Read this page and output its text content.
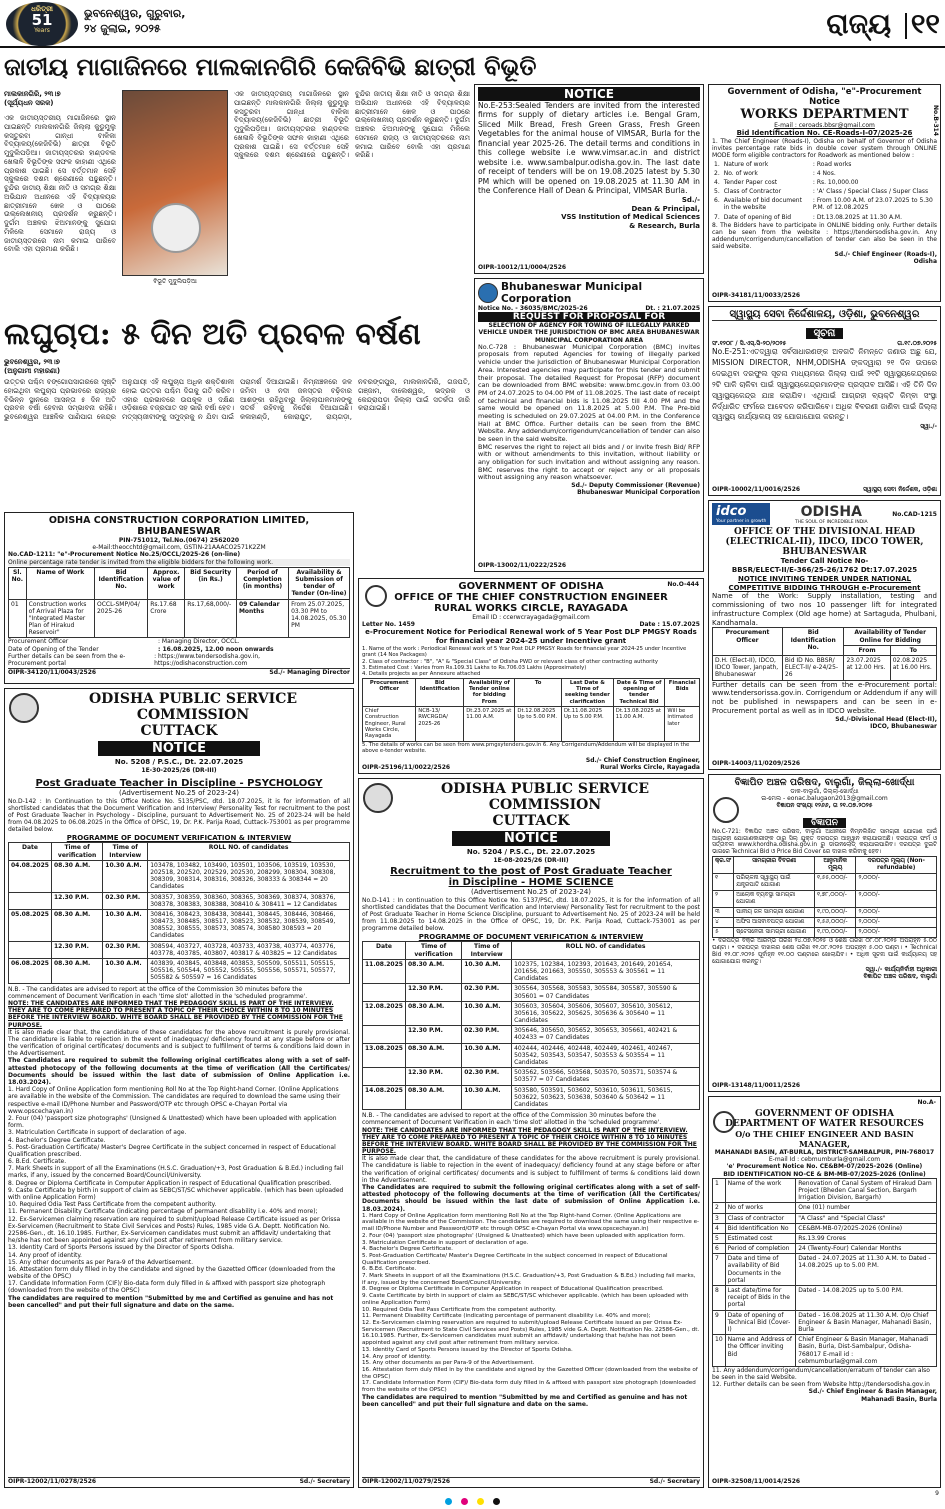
ଧରିତ୍ରୀ
51
Years
ଭୁବନେଶ୍ୱର, ଗୁରୁବାର,
୨୪ ଜୁଲାଇ, ୨୦୨୫	ରାଜ୍ୟ ୧୧
ଜାତୀୟ ମାଗାଜିନରେ ମାଲକାନଗିରି କେଜିବିଭି ଛାତ୍ରୀ ବିଭୂତି
ମାଲକାନଗିରି, ୨୩।୭
(ସୂର୍ଯ୍ୟଧନ ସରକ)
ଏକ ଜାତୀୟସ୍ତରୀୟ ମାଗାଜିନରେ ସ୍ଥାନ ପାଇଛନ୍ତି ମାଲକାନଗିରି ଜିଲ୍ଲା କୁଡୁମୁଲୁ କସ୍ତୁରବା ଗାନ୍ଧୀ ବାଳିକା ବିଦ୍ୟାଳୟ(କେଜିବିଭି) ଛାତ୍ରୀ ବିଭୂତି ମୁଦୁଲିପଡ଼ିଆ। ଜାତୀୟସ୍ତରର ହାଣ୍ଡବଲ ଖେଳାଳି ବିଭୂତିଙ୍କ ସଫଳ କାହାଣୀ ଏଥିରେ ପ୍ରକାଶ ପାଇଛି। ସେ ବର୍ତ୍ତମାନ ସେହି ସ୍କୁଲରେ ଦଶମ ଶ୍ରେଣୀରେ ପଢୁଛନ୍ତି। ବୁନ୍ଦିର ଜାତୀୟ ଶିକ୍ଷା ନୀତି ଓ ସମଗ୍ର ଶିକ୍ଷା ଅଭିଯାନ ଅଧୀନରେ ଏହି ବିଦ୍ୟାଳୟର ଛାତ୍ରୀମାନେ ଖେଳ ଓ ପାଠରେ ଉଲ୍ଲେଖନୀୟ ପ୍ରଦର୍ଶନ କରୁଛନ୍ତି। ଦୁର୍ଗମ ଅଞ୍ଚଳର ଝିଅମାନଙ୍କୁ ସୁଯୋଗ ମିଳିଲେ ସେମାନେ ରାଜ୍ୟ ଓ ଜାତୀୟସ୍ତରରେ ନାମ କମାଇ ପାରିବେ ବୋଲି ଏହା ପ୍ରମାଣ କରିଛି।
ବିଭୂତି ମୁଦୁଲିପଡ଼ିଆ
ଏକ ଜାତୀୟସ୍ତରୀୟ ମାଗାଜିନରେ ସ୍ଥାନ ପାଇଛନ୍ତି ମାଲକାନଗିରି ଜିଲ୍ଲା କୁଡୁମୁଲୁ କସ୍ତୁରବା ଗାନ୍ଧୀ ବାଳିକା ବିଦ୍ୟାଳୟ(କେଜିବିଭି) ଛାତ୍ରୀ ବିଭୂତି ମୁଦୁଲିପଡ଼ିଆ। ଜାତୀୟସ୍ତରର ହାଣ୍ଡବଲ ଖେଳାଳି ବିଭୂତିଙ୍କ ସଫଳ କାହାଣୀ ଏଥିରେ ପ୍ରକାଶ ପାଇଛି। ସେ ବର୍ତ୍ତମାନ ସେହି ସ୍କୁଲରେ ଦଶମ ଶ୍ରେଣୀରେ ପଢୁଛନ୍ତି। ବୁନ୍ଦିର ଜାତୀୟ ଶିକ୍ଷା ନୀତି ଓ ସମଗ୍ର ଶିକ୍ଷା ଅଭିଯାନ ଅଧୀନରେ ଏହି ବିଦ୍ୟାଳୟର ଛାତ୍ରୀମାନେ ଖେଳ ଓ ପାଠରେ ଉଲ୍ଲେଖନୀୟ ପ୍ରଦର୍ଶନ କରୁଛନ୍ତି। ଦୁର୍ଗମ ଅଞ୍ଚଳର ଝିଅମାନଙ୍କୁ ସୁଯୋଗ ମିଳିଲେ ସେମାନେ ରାଜ୍ୟ ଓ ଜାତୀୟସ୍ତରରେ ନାମ କମାଇ ପାରିବେ ବୋଲି ଏହା ପ୍ରମାଣ କରିଛି।
ଲଘୁଚାପ: ୫ ଦିନ ଅତି ପ୍ରବଳ ବର୍ଷଣ
ଭୁବନେଶ୍ୱର, ୨୩।୭
(ଅନୁଗାମୀ ମହାରଣା)
ଉତ୍ତର ପଶ୍ଚିମ ବଙ୍ଗୋପସାଗରରେ ସୃଷ୍ଟି ହୋଇଥିବା ଲଘୁଚାପ ପ୍ରଭାବରେ ରାଜ୍ୟର ବିଭିନ୍ନ ସ୍ଥାନରେ ଆସନ୍ତା ୫ ଦିନ ଅତି ପ୍ରବଳ ବର୍ଷା ହେବାର ସମ୍ଭାବନା ରହିଛି। ଭୁବନେଶ୍ୱର ଆଞ୍ଚଳିକ ପାଣିପାଗ କେନ୍ଦ୍ର ଅନୁଯାୟୀ ଏହି ଲଘୁଚାପ ଅଧିକ ଶକ୍ତିଶାଳୀ ହୋଇ ଉତ୍ତର ପଶ୍ଚିମ ଦିଗକୁ ଗତି କରିବ। ଏହାର ପ୍ରଭାବରେ ଉପକୂଳ ଓ ଦକ୍ଷିଣ ଓଡ଼ିଶାରେ ବଜ୍ରପାତ ସହ ଭାରି ବର୍ଷା ହେବ। ମତ୍ସ୍ୟଜୀବୀଙ୍କୁ ସମୁଦ୍ରକୁ ନ ଯିବା ପାଇଁ ପରାମର୍ଶ ଦିଆଯାଇଛି। ନିମ୍ନାଞ୍ଚଳରେ ଜଳ ଜମିବା ଓ ନଦୀ ଜଳସ୍ତର ବଢ଼ିବାର ଆଶଙ୍କା ରହିଥିବାରୁ ଜିଲ୍ଲାପାଳମାନଙ୍କୁ ସତର୍କ ରହିବାକୁ ନିର୍ଦ୍ଦେଶ ଦିଆଯାଇଛି। କଳାହାଣ୍ଡି, କୋରାପୁଟ, ରାୟଗଡ଼ା, ନବରଙ୍ଗପୁର, ମାଲକାନଗିରି, ଗଜପତି, ଗଞ୍ଜାମ, ବାଲେଶ୍ୱର, ଭଦ୍ରକ ଓ କେନ୍ଦ୍ରାପଡ଼ା ଜିଲ୍ଲା ପାଇଁ ସତର୍କତା ଜାରି କରାଯାଇଛି।
ODISHA CONSTRUCTION CORPORATION LIMITED, BHUBANESWAR
PIN-751012, Tel.No.(0674) 2562020
e-Mail:theocchtd@gmail.com, GSTIN-21AAACO2571K2ZM
No.CAD-1211: "e"-Procurement Notice No.25/OCCL/2025-26 (on-line)
Online percentage rate tender is invited from the eligible bidders for the following work.
Sl. No.	Name of Work	Bid Identification No.	Approx. value of work	Bid Security (in Rs.)	Period of Completion (in months)	Availability & Submission of tender of Tender (On-line)
01	Construction works of Arrival Plaza for "Integrated Master Plan of Hirakud Reservoir"	OCCL-SMP/04/ 2025-26	Rs.17.68 Crore	Rs.17,68,000/-	09 Calendar Months	From 25.07.2025, 03.30 PM to 14.08.2025, 05.30 PM
Procurement Officer	: Managing Director, OCCL.
Date of Opening of the Tender	: 16.08.2025, 12.00 noon onwards
Further details can be seen from the e-Procurement portal
: https://www.tendersodisha.gov.in, https://odishaconstruction.com
OIPR-34120/11/0043/2526	Sd./- Managing Director
ODISHA PUBLIC SERVICE COMMISSION
CUTTACK
NOTICE
No. 5208 / P.S.C., Dt. 22.07.2025
1E-30-2025/26 (DR-III)
Post Graduate Teacher in Discipline - PSYCHOLOGY
(Advertisement No.25 of 2023-24)
No.D-142 : In Continuation to this Office Notice No. 5135/PSC, dtd. 18.07.2025, it is for information of all shortlisted candidates that the Document Verification and Interview/ Personality Test for recruitment to the post of Post Graduate Teacher in Psychology - Discipline, pursuant to Advertisement No. 25 of 2023-24 will be held from 04.08.2025 to 06.08.2025 in the Office of OPSC, 19, Dr. P.K. Parija Road, Cuttack-753001 as per programme detailed below.
PROGRAMME OF DOCUMENT VERIFICATION & INTERVIEW
Date	Time of verification	Time of Interview	ROLL NO. of candidates
04.08.2025	08.30 A.M.	10.30 A.M.	103478, 103482, 103490, 103501, 103506, 103519, 103530, 202518, 202520, 202529, 202530, 208299, 308304, 308308, 308309, 308314, 308316, 308326, 308333 & 308344 = 20 Candidates
	12.30 P.M.	02.30 P.M.	308357, 308359, 308360, 308365, 308369, 308374, 308376, 308378, 308383, 308388, 308410 & 308411 = 12 Candidates
05.08.2025	08.30 A.M.	10.30 A.M.	308416, 308423, 308438, 308441, 308445, 308446, 308466, 308473, 308485, 308517, 308523, 308532, 308539, 308549, 308552, 308555, 308573, 308574, 308580 308593 = 20 Candidates
	12.30 P.M.	02.30 P.M.	308594, 403727, 403728, 403733, 403738, 403774, 403776, 403778, 403785, 403807, 403817 & 403825 = 12 Candidates
06.08.2025	08.30 A.M.	10.30 A.M.	403839, 403845, 403848, 403853, 505509, 505511, 505515, 505516, 505544, 505552, 505555, 505556, 505571, 505577, 505582 & 505597 = 16 Candidates
N.B. - The candidates are advised to report at the office of the Commission 30 minutes before the commencement of Document Verification in each 'time slot' allotted in the 'scheduled programme'.
NOTE: THE CANDIDATES ARE INFORMED THAT THE PEDAGOGY SKILL IS PART OF THE INTERVIEW. THEY ARE TO COME PREPARED TO PRESENT A TOPIC OF THEIR CHOICE WITHIN 8 TO 10 MINUTES BEFORE THE INTERVIEW BOARD. WHITE BOARD SHALL BE PROVIDED BY THE COMMISSION FOR THE PURPOSE.
It is also made clear that, the candidature of these candidates for the above recruitment is purely provisional. The candidature is liable to rejection in the event of inadequacy/ deficiency found at any stage before or after the verification of original certificates/ documents and is subject to fulfillment of terms & conditions laid down in the Advertisement.
The Candidates are required to submit the following original certificates along with a set of self-attested photocopy of the following documents at the time of verification (All the Certificates/ Documents should be issued within the last date of submission of Online Application i.e. 18.03.2024).
1. Hard Copy of Online Application form mentioning Roll No at the Top Right-hand Corner. (Online Applications are available in the website of the Commission. The candidates are required to download the same using their respective e-mail ID/Phone Number and Password/OTP etc through OPSC e-Chayan Portal via www.opscechayan.in)
2. Four (04) 'passport size photographs' (Unsigned & Unattested) which have been uploaded with application form.
3. Matriculation Certificate in support of declaration of age.
4. Bachelor's Degree Certificate.
5. Post-Graduation Certificate/ Master's Degree Certificate in the subject concerned in respect of Educational Qualification prescribed.
6. B.Ed. Certificate.
7. Mark Sheets in support of all the Examinations (H.S.C. Graduation/+3, Post Graduation & B.Ed.) including fail marks, if any, issued by the concerned Board/Council/University.
8. Degree or Diploma Certificate in Computer Application in respect of Educational Qualification prescribed.
9. Caste Certificate by birth in support of claim as SEBC/ST/SC whichever applicable. (which has been uploaded with online Application Form)
10. Required Odia Test Pass Certificate from the competent authority.
11. Permanent Disability Certificate (indicating percentage of permanent disability i.e. 40% and more);
12. Ex-Servicemen claiming reservation are required to submit/upload Release Certificate issued as per Orissa Ex-Servicemen (Recruitment to State Civil Services and Posts) Rules, 1985 vide G.A. Deptt. Notification No. 22586-Gen., dt. 16.10.1985. Further, Ex-Servicemen candidates must submit an affidavit/ undertaking that he/she has not been appointed against any civil post after retirement from military service.
13. Identity Card of Sports Persons issued by the Director of Sports Odisha.
14. Any proof of identity.
15. Any other documents as per Para-9 of the Advertisement.
16. Attestation form duly filled in by the candidate and signed by the Gazetted Officer (downloaded from the website of the OPSC)
17. Candidate Information Form (CIF)/ Bio-data form duly filled in & affixed with passport size photograph (downloaded from the website of the OPSC)
The candidates are required to mention "Submitted by me and Certified as genuine and has not been cancelled" and put their full signature and date on the same.
OIPR-12002/11/0278/2526	Sd./- Secretary
NOTICE
No.E-253:Sealed Tenders are invited from the interested firms for supply of dietary articles i.e. Bengal Gram, Sliced Milk Bread, Fresh Green Grass, Fresh Green Vegetables for the animal house of VIMSAR, Burla for the financial year 2025-26. The detail terms and conditions in this college website i.e www.vimsar.ac.in and district website i.e. www.sambalpur.odisha.gov.in. The last date of receipt of tenders will be on 19.08.2025 latest by 5.30 PM which will be opened on 19.08.2025 at 11.30 AM in the Conference Hall of Dean & Principal, VIMSAR Burla.
Sd./-
Dean & Principal,
VSS Institution of Medical Sciences
& Research, Burla
OIPR-10012/11/0004/2526
Bhubaneswar Municipal Corporation
Notice No. - 36035/BMC/2025-26	Dt. : 21.07.2025
REQUEST FOR PROPOSAL FOR
SELECTION OF AGENCY FOR TOWING OF ILLEGALLY PARKED VEHICLE UNDER THE JURISDICTION OF BMC AREA BHUBANESWAR MUNICIPAL CORPORATION AREA
No.C-728 : Bhubaneswar Municipal Corporation (BMC) invites proposals from reputed Agencies for towing of illegally parked vehicle under the jurisdiction of Bhubaneswar Municipal Corporation Area. Interested agencies may participate for this tender and submit their proposal. The detailed Request for Proposal (RFP) document can be downloaded from BMC website: www.bmc.gov.in from 03.00 PM of 24.07.2025 to 04.00 PM of 11.08.2025. The last date of receipt of technical and financial bids is 11.08.2025 till 4.00 PM and the same would be opened on 11.8.2025 at 5.00 P.M. The Pre-bid meeting is scheduled on 29.07.2025 at 04.00 P.M. in the Conference Hall at BMC Office. Further details can be seen from the BMC Website. Any addendum/corrigendum/cancellation of tender can also be seen in the said website.
BMC reserves the right to reject all bids and / or invite fresh Bid/ RFP with or without amendments to this invitation, without liability or any obligation for such invitation and without assigning any reason. BMC reserves the right to accept or reject any or all proposals without assigning any reason whatsoever.
Sd./- Deputy Commissioner (Revenue)
Bhubaneswar Municipal Corporation
OIPR-13002/11/0222/2526
No.O-444
GOVERNMENT OF ODISHA
OFFICE OF THE CHIEF CONSTRUCTION ENGINEER
RURAL WORKS CIRCLE, RAYAGADA
Email ID : ccerwcrayagada@gmail.com
Letter No. 1459	Date : 15.07.2025
e-Procurement Notice for Periodical Renewal work of 5 Year Post DLP PMGSY Roads for financial year 2024-25 under Incentive grant
1. Name of the work : Periodical Renewal work of 5 Year Post DLP PMGSY Roads for financial year 2024-25 under Incentive grant (14 Nos Packages)
2. Class of contractor : "B", "A" & "Special Class" of Odisha PWD or relevant class of other contracting authority
3. Estimated Cost : Varies from Rs.109.31 Lakhs to Rs.706.03 Lakhs (Approximately)
4. Details projects as per Annexure attached
Procurement Officer	Bid Identification	Availability of Tender online for bidding From	To	Last Date & Time of seeking tender clarification	Date & Time of opening of tender Technical Bid	Financial Bids
Chief Construction Engineer, Rural Works Circle, Rayagada	NCB-13/ RWCRGDA/ 2025-26	Dt.23.07.2025 at 11.00 A.M.	Dt.12.08.2025 Up to 5.00 P.M.	Dt.11.08.2025 Up to 5.00 P.M.	Dt.13.08.2025 at 11.00 A.M.	Will be intimated later
5. The details of works can be seen from www.pmgsytenders.gov.in 6. Any Corrigendum/Addendum will be displayed in the above e-tender website.
OIPR-25196/11/0022/2526
Sd./- Chief Construction Engineer,
Rural Works Circle, Rayagada
ODISHA PUBLIC SERVICE COMMISSION
CUTTACK
NOTICE
No. 5204 / P.S.C., Dt. 22.07.2025
1E-08-2025/26 (DR-III)
Recruitment to the post of Post Graduate Teacher
in Discipline - HOME SCIENCE
(Advertisement No.25 of 2023-24)
No.D-141 : In continuation to this Office Notice No. 5137/PSC, dtd. 18.07.2025, it is for the information of all shortlisted candidates that the Document Verification and Interview/ Personality Test for recruitment to the post of Post Graduate Teacher in Home Science Discipline, pursuant to Advertisement No. 25 of 2023-24 will be held from 11.08.2025 to 14.08.2025 in the Office of OPSC, 19, Dr. P.K. Parija Road, Cuttack-753001 as per programme detailed below.
PROGRAMME OF DOCUMENT VERIFICATION & INTERVIEW
Date	Time of verification	Time of Interview	ROLL NO. of candidates
11.08.2025	08.30 A.M.	10.30 A.M.	102375, 102384, 102393, 201643, 201649, 201654, 201656, 201663, 305550, 305553 & 305561 = 11 Candidates
	12.30 P.M.	02.30 P.M.	305564, 305568, 305583, 305584, 305587, 305590 & 305601 = 07 Candidates
12.08.2025	08.30 A.M.	10.30 A.M.	305603, 305604, 305606, 305607, 305610, 305612, 305616, 305622, 305625, 305636 & 305640 = 11 Candidates
	12.30 P.M.	02.30 P.M.	305646, 305650, 305652, 305653, 305661, 402421 & 402433 = 07 Candidates
13.08.2025	08.30 A.M.	10.30 A.M.	402444, 402446, 402448, 402449, 402461, 402467, 503542, 503543, 503547, 503553 & 503554 = 11 Candidates
	12.30 P.M.	02.30 P.M.	503562, 503566, 503568, 503570, 503571, 503574 & 503577 = 07 Candidates
14.08.2025	08.30 A.M.	10.30 A.M.	503580, 503591, 503602, 503610, 503611, 503615, 503622, 503623, 503638, 503640 & 503642 = 11 Candidates
N.B. - The candidates are advised to report at the office of the Commission 30 minutes before the commencement of Document Verification in each 'time slot' allotted in the 'scheduled programme'.
NOTE: THE CANDIDATES ARE INFORMED THAT THE PEDAGOGY SKILL IS PART OF THE INTERVIEW. THEY ARE TO COME PREPARED TO PRESENT A TOPIC OF THEIR CHOICE WITHIN 8 TO 10 MINUTES BEFORE THE INTERVIEW BOARD. WHITE BOARD SHALL BE PROVIDED BY THE COMMISSION FOR THE PURPOSE.
It is also made clear that, the candidature of these candidates for the above recruitment is purely provisional. The candidature is liable to rejection in the event of inadequacy/ deficiency found at any stage before or after the verification of original certificates/ documents and is subject to fulfillment of terms & conditions laid down in the Advertisement.
The Candidates are required to submit the following original certificates along with a set of self-attested photocopy of the following documents at the time of verification (All the Certificates/ Documents should be issued within the last date of submission of Online Application i.e. 18.03.2024).
1. Hard Copy of Online Application form mentioning Roll No at the Top Right-hand Corner. (Online Applications are available in the website of the Commission. The candidates are required to download the same using their respective e-mail ID/Phone Number and Password/OTP etc through OPSC e-Chayan Portal via www.opscechayan.in)
2. Four (04) 'passport size photographs' (Unsigned & Unattested) which have been uploaded with application form.
3. Matriculation Certificate in support of declaration of age.
4. Bachelor's Degree Certificate.
5. Post-Graduation Certificate/ Master's Degree Certificate in the subject concerned in respect of Educational Qualification prescribed.
6. B.Ed. Certificate.
7. Mark Sheets in support of all the Examinations (H.S.C. Graduation/+3, Post Graduation & B.Ed.) including fail marks, if any, issued by the concerned Board/Council/University.
8. Degree or Diploma Certificate in Computer Application in respect of Educational Qualification prescribed.
9. Caste Certificate by birth in support of claim as SEBC/ST/SC whichever applicable. (which has been uploaded with online Application Form)
10. Required Odia Test Pass Certificate from the competent authority.
11. Permanent Disability Certificate (indicating percentage of permanent disability i.e. 40% and more);
12. Ex-Servicemen claiming reservation are required to submit/upload Release Certificate issued as per Orissa Ex-Servicemen (Recruitment to State Civil Services and Posts) Rules, 1985 vide G.A. Deptt. Notification No. 22586-Gen., dt. 16.10.1985. Further, Ex-Servicemen candidates must submit an affidavit/ undertaking that he/she has not been appointed against any civil post after retirement from military service.
13. Identity Card of Sports Persons issued by the Director of Sports Odisha.
14. Any proof of identity.
15. Any other documents as per Para-9 of the Advertisement.
16. Attestation form duly filled in by the candidate and signed by the Gazetted Officer (downloaded from the website of the OPSC)
17. Candidate Information Form (CIF)/ Bio-data form duly filled in & affixed with passport size photograph (downloaded from the website of the OPSC)
The candidates are required to mention "Submitted by me and Certified as genuine and has not been cancelled" and put their full signature and date on the same.
OIPR-12002/11/0279/2526	Sd./- Secretary
No.B-314
Government of Odisha, "e"-Procurement Notice
WORKS DEPARTMENT
E-mail : ceroads.bbsr@gmail.com
Bid Identification No. CE-Roads-I-07/2025-26
1. The Chief Engineer (Roads-I), Odisha on behalf of Governor of Odisha invites percentage rate bids in double cover system through ONLINE MODE form eligible contractors for Roadwork as mentioned below :
1.	Nature of work	: Road works
2.	No. of work	: 4 Nos.
4.	Tender Paper cost	: Rs. 10,000.00
5.	Class of Contractor	: 'A' Class / Special Class / Super Class
6.	Available of bid document in the website	: From 10.00 A.M. of 23.07.2025 to 5.30 P.M. of 12.08.2025
7.	Date of opening of Bid	: Dt.13.08.2025 at 11.30 A.M.
8. The Bidders have to participate in ONLINE bidding only. Further details can be seen from the website : https://tendersodisha.gov.in. Any addendum/corrigendum/cancellation of tender can also be seen in the said website.
Sd./- Chief Engineer (Roads-I),
Odisha
OIPR-34181/11/0033/2526
ସ୍ୱାସ୍ଥ୍ୟ ସେବା ନିର୍ଦ୍ଦେଶାଳୟ, ଓଡ଼ିଶା, ଭୁବନେଶ୍ୱର
ସୂଚନା
ସଂ.୧୨୦୮ / ସି.ଏସ୍.ସି-୨୦/୨୦୨୫	ତା.୧୯.୦୭.୨୦୨୫
No.E-251:ଏତଦ୍ୱାରା ସର୍ବସାଧାରଣଙ୍କ ଅବଗତି ନିମନ୍ତେ ଜଣାଉ ଅଛୁ ଯେ, MISSION DIRECTOR, NHM,ODISHA ଙ୍କଦ୍ୱାରା ୨୧ ଦିନ ଉପରେ ଦେଇଥିବା ଦରଫୁଲ ସୂଚନା ମାଧ୍ୟମରେ ଜିଲ୍ଲା ପାଇଁ ୨୧ଟି ସ୍ୱାସ୍ଥ୍ୟକେନ୍ଦ୍ରରେ ୨ଟି ପାଳି ଚାଳିବା ପାଇଁ ସ୍ୱାସ୍ଥ୍ୟକେନ୍ଦ୍ରମାନଙ୍କ ପ୍ରସ୍ତାବ ଆସିଛି। ଏହି ତିନି ଦିନ ସ୍ୱାସ୍ଥ୍ୟକେନ୍ଦ୍ର ଯାଞ୍ଚ କରାଯିବ। ଏଥିପାଇଁ ଆଗ୍ରହୀ ବ୍ୟକ୍ତି କିମ୍ବା ସଂସ୍ଥା ନିର୍ଦ୍ଧାରିତ ଫର୍ମରେ ଆବେଦନ କରିପାରିବେ। ଅଧିକ ବିବରଣୀ ଜାଣିବା ପାଇଁ ଜିଲ୍ଲା ସ୍ୱାସ୍ଥ୍ୟ କାର୍ଯ୍ୟାଳୟ ସହ ଯୋଗାଯୋଗ କରନ୍ତୁ।
ସ୍ୱା./-
OIPR-10002/11/0016/2526	ସ୍ୱାସ୍ଥ୍ୟ ସେବା ନିର୍ଦ୍ଦେଶକ, ଓଡ଼ିଶା
idco
Your partner in growth
ODISHA
THE SOUL OF INCREDIBLE INDIA
No.CAD-1215
OFFICE OF THE DIVISIONAL HEAD (ELECTRICAL-II), IDCO, IDCO TOWER, BHUBANESWAR
Tender Call Notice No-
BBSR/ELECT-II/E-366/25-26/1762 Dt:17.07.2025
NOTICE INVITING TENDER UNDER NATIONAL COMPETITIVE BIDDING THROUGH e-Procurement
Name of the Work: Supply installation, testing and commissioning of two nos 10 passenger lift for integrated infrastructure Complex (Old age home) at Sartaguda, Phulbani, Kandhamala.
Procurement Officer	Bid Identification No.	Availability of Tender Online for Bidding	
		From	To
D.H. (Elect-II), IDCO, IDCO Tower, Janpath, Bhubaneswar	Bid ID No. BBSR/ ELECT-II/ e-24/25-26	23.07.2025 at 12.00 Hrs.	02.08.2025 at 16.00 Hrs.
Further details can be seen from the e-Procurement portal: www.tendersorissa.gov.in. Corrigendum or Addendum if any will not be published in newspapers and can be seen in e-Procurement portal as well as in IDCO website.
Sd./-Divisional Head (Elect-II),
IDCO, Bhubaneswar
OIPR-14003/11/0209/2526
ବିଜ୍ଞାପିତ ଅଞ୍ଚଳ ପରିଷଦ, ବାଲୁଗାଁ, ଜିଲ୍ଲା-ଖୋର୍ଦ୍ଧା
ଡାକ-ବାଲୁଗାଁ, ଜିଲ୍ଲା-ଖୋର୍ଦ୍ଧା
ଇ-ମେଲ - eonac.balugaon2013@gmail.com
ବିଜ୍ଞାପନ ସଂଖ୍ୟା ୧୨୬୬, ତା ୨୧.୦୭.୨୦୨୫
ବିଜ୍ଞାପନ
No.C-721: ବିଜ୍ଞାପିତ ଅଞ୍ଚଳ ପରିଷଦ, ବାଲୁଗାଁ ଅଧୀନରେ ନିମ୍ନଲିଖିତ ସାମଗ୍ରୀ ଯୋଗାଣ ପାଇଁ ଆଗ୍ରହୀ ଯୋଗାଣକାରୀଙ୍କ ଠାରୁ ସିଲ୍ ଯୁକ୍ତ ଦରପତ୍ର ଆହ୍ୱାନ କରାଯାଉଅଛି। ଦରପତ୍ର ଫର୍ମ ଓ ସର୍ତ୍ତାବଳୀ www.khordha.odisha.gov.in ରୁ ଡାଉନଲୋଡ୍ କରାଯାଇପାରିବ। ଦରପତ୍ର ଦୁଇଟି ଭାଗରେ Technical Bid ଓ Price Bid Cover ରେ ଦାଖଲ କରିବାକୁ ହେବ।
କ୍ର.ସଂ	ସାମଗ୍ରୀର ବିବରଣୀ	ଆନୁମାନିକ ମୂଲ୍ୟ	ଦରପତ୍ର ମୂଲ୍ୟ (Non-refundable)
୧	ପରିଚାଳନା ସ୍ୱାସ୍ଥ୍ୟ ପାଇଁ ଯନ୍ତ୍ରପାତି ଯୋଗାଣ	୧,୫୫,୦୦୦/-	୨,୦୦୦/-
୨	ଆଲୋକ ବ୍ୟବସ୍ଥା ସାମଗ୍ରୀ ଯୋଗାଣ	୧,୭୮,୦୦୦/-	୨,୦୦୦/-
୩	ପାନୀୟ ଜଳ ସାମଗ୍ରୀ ଯୋଗାଣ	୧,୯୦,୦୦୦/-	୨,୦୦୦/-
୪	ଅଫିସ ଆସବାବପତ୍ର ଯୋଗାଣ	୧,୫୬,୦୦୦/-	୨,୦୦୦/-
୫	ଷ୍ଟେସନେରୀ ସାମଗ୍ରୀ ଯୋଗାଣ	୧,୯୦,୦୦୦/-	୨,୦୦୦/-
• ଦରପତ୍ର ବିକ୍ରି ଆରମ୍ଭ ତାରିଖ ୨୪.୦୭.୨୦୨୫ ଓ ଶେଷ ତାରିଖ ୦୮.୦୮.୨୦୨୫ ଅପରାହ୍ନ ୫.୦୦ ଘଣ୍ଟା। • ଦରପତ୍ର ଦାଖଲର ଶେଷ ତାରିଖ ୧୧.୦୮.୨୦୨୫ ଅପରାହ୍ନ ୫.୦୦ ଘଣ୍ଟା। • Technical Bid ୧୨.୦୮.୨୦୨୫ ପୂର୍ବାହ୍ନ ୧୧.୦୦ ଘଣ୍ଟାରେ ଖୋଲାଯିବ। • ଅଧିକ ସୂଚନା ପାଇଁ କାର୍ଯ୍ୟାଳୟ ସହ ଯୋଗାଯୋଗ କରନ୍ତୁ।
ସ୍ୱା./- କାର୍ଯ୍ୟନିର୍ବାହୀ ଅଧିକାରୀ
ବିଜ୍ଞାପିତ ଅଞ୍ଚଳ ପରିଷଦ, ବାଲୁଗାଁ
OIPR-13148/11/0011/2526
No.A-
GOVERNMENT OF ODISHA
DEPARTMENT OF WATER RESOURCES
O/o THE CHIEF ENGINEER AND BASIN MANAGER,
MAHANADI BASIN, AT-BURLA, DISTRICT-SAMBALPUR, PIN-768017
E-mail Id : cebmumburla@gmail.com
'e' Procurement Notice No. CE&BM-07/2025-2026 (Online)
BID IDENTIFICATION NO-CE & BM-MB-07/2025-2026 (Online)
1	Name of the work	Renovation of Canal System of Hirakud Dam Project (Bheden Canal Section, Bargarh Irrigation Division, Bargarh)
2	No of works	One (01) number
3	Class of contractor	"A Class" and "Special Class"
4	Bid Identification No	CE&BM-MB-07/2025-2026 (Online)
5	Estimated cost	Rs.13.99 Crores
6	Period of completion	24 (Twenty-Four) Calendar Months
7	Date and time of availability of Bid Documents in the portal	Dated - 24.07.2025 at 11.30 A.M. to Dated - 14.08.2025 up to 5.00 P.M.
8	Last date/time for receipt of Bids in the portal	Dated - 14.08.2025 up to 5.00 P.M.
9	Date of opening of Technical Bid (Cover-I)	Dated - 16.08.2025 at 11.30 A.M. O/o Chief Engineer & Basin Manager, Mahanadi Basin, Burla
10	Name and Address of the Officer inviting Bid	Chief Engineer & Basin Manager, Mahanadi Basin, Burla, Dist-Sambalpur, Odisha-768017 E-mail id : cebmumburla@gmail.com
11. Any addendum/corrigendum/cancellation/erratum of tender can also be seen in the said Website.
12. Further details can be seen from Website http://tendersodisha.gov.in
Sd./- Chief Engineer & Basin Manager,
Mahanadi Basin, Burla
OIPR-32508/11/0014/2526

9
